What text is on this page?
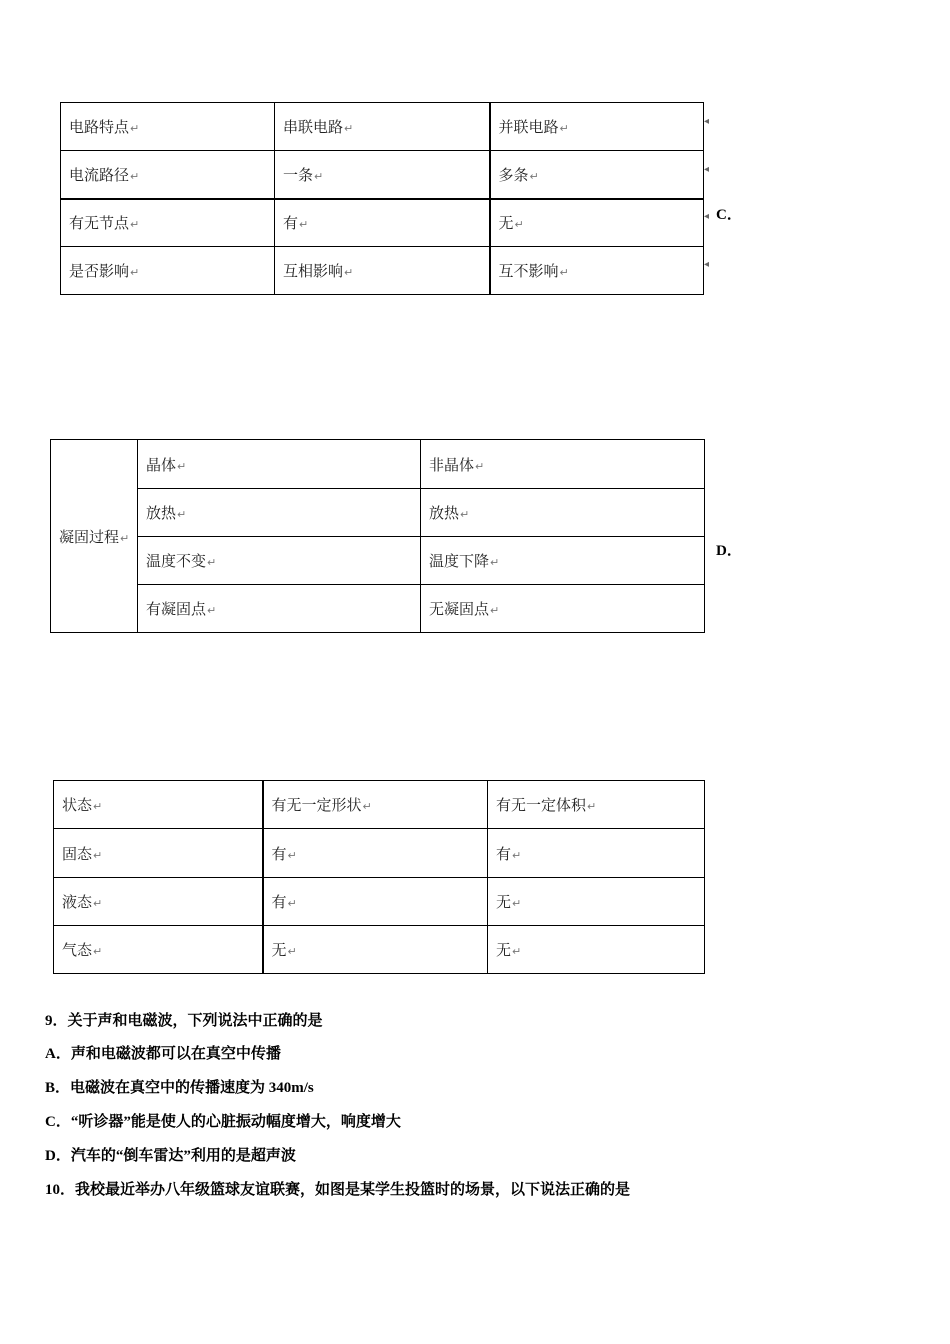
电路特点↵	串联电路↵	并联电路↵
电流路径↵	一条↵	多条↵
有无节点↵	有↵	无↵
是否影响↵	互相影响↵	互不影响↵
◂
◂
◂
◂
C．
凝固过程↵	晶体↵	非晶体↵
	放热↵	放热↵
	温度不变↵	温度下降↵
	有凝固点↵	无凝固点↵
D．
状态↵	有无一定形状↵	有无一定体积↵
固态↵	有↵	有↵
液态↵	有↵	无↵
气态↵	无↵	无↵
9．关于声和电磁波，下列说法中正确的是
A．声和电磁波都可以在真空中传播
B．电磁波在真空中的传播速度为 340m/s
C．“听诊器”能是使人的心脏振动幅度增大，响度增大
D．汽车的“倒车雷达”利用的是超声波
10．我校最近举办八年级篮球友谊联赛，如图是某学生投篮时的场景，以下说法正确的是
